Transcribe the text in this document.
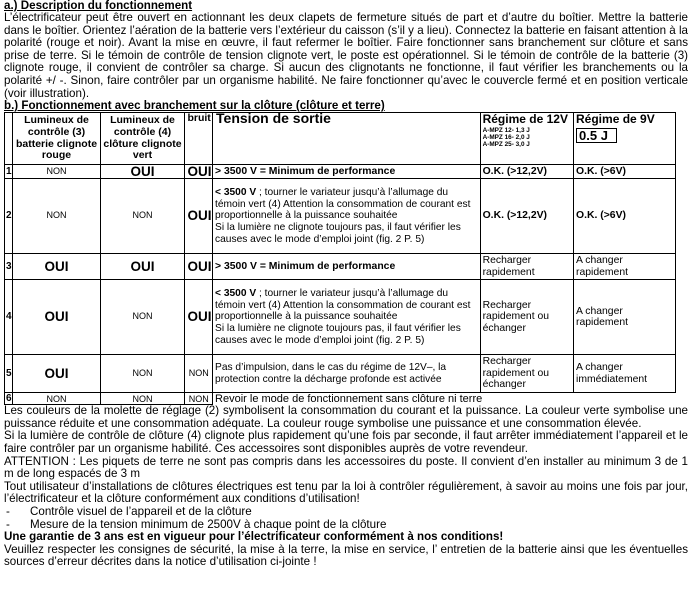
a.) Description du fonctionnement

L’électrificateur peut être ouvert en actionnant les deux clapets de fermeture situés de part et d’autre du boîtier. Mettre la batterie dans le boîtier. Orientez l’aération de la batterie vers l’extérieur du caisson (s’il y a lieu). Connectez la batterie en faisant attention à la polarité (rouge et noir). Avant la mise en œuvre, il faut refermer le boîtier. Faire fonctionner sans branchement sur clôture et sans prise de terre. Si le témoin de contrôle de tension clignote vert, le poste est opérationnel. Si le témoin de contrôle de la batterie (3) clignote rouge, il convient de contrôler sa charge. Si aucun des clignotants ne fonctionne, il faut vérifier les branchements ou la polarité +/ -. Sinon, faire contrôler par un organisme habilité. Ne faire fonctionner qu’avec le couvercle fermé et en position verticale (voir illustration).

b.) Fonctionnement avec branchement sur la clôture (clôture et terre)
	Lumineux de contrôle (3) batterie clignote rouge	Lumineux de contrôle (4) clôture clignote vert	bruit	Tension de sortie	Régime de 12V
A-MPZ 12- 1,3 J
A-MPZ 16- 2,0 J
A-MPZ 25- 3,0 J	Régime de 9V
0.5 J
1	NON	OUI	OUI	> 3500 V = Minimum de performance	O.K. (>12,2V)	O.K. (>6V)
2	NON	NON	OUI	< 3500 V ; tourner le variateur jusqu’à l’allumage du témoin vert (4) Attention la consommation de courant est proportionnelle à la puissance souhaitée
Si la lumière ne clignote toujours pas, il faut vérifier les causes avec le mode d’emploi joint (fig. 2 P. 5)	O.K. (>12,2V)	O.K. (>6V)
3	OUI	OUI	OUI	> 3500 V = Minimum de performance	Recharger rapidement	A changer rapidement
4	OUI	NON	OUI	< 3500 V ; tourner le variateur jusqu’à l’allumage du témoin vert (4) Attention la consommation de courant est proportionnelle à la puissance souhaitée
Si la lumière ne clignote toujours pas, il faut vérifier les causes avec le mode d’emploi joint (fig. 2 P. 5)	Recharger rapidement ou échanger	A changer rapidement
5	OUI	NON	NON	Pas d’impulsion, dans le cas du régime de 12V–, la protection contre la décharge profonde est activée	Recharger rapidement ou échanger	A changer immédiatement
6	NON	NON	NON	Revoir le mode de fonctionnement sans clôture ni terre		

Les couleurs de la molette de réglage (2) symbolisent la consommation du courant et la puissance. La couleur verte symbolise une puissance réduite et une consommation adéquate. La couleur rouge symbolise une puissance et une consommation élevée.

Si la lumière de contrôle de clôture (4) clignote plus rapidement qu’une fois par seconde, il faut arrêter immédiatement l’appareil et le faire contrôler par un organisme habilité. Ces accessoires sont disponibles auprès de votre revendeur.

ATTENTION : Les piquets de terre ne sont pas compris dans les accessoires du poste. Il convient d’en installer au minimum 3 de 1 m de long espacés de 3 m

Tout utilisateur d’installations de clôtures électriques est tenu par la loi à contrôler régulièrement, à savoir au moins une fois par jour, l’électrificateur et la clôture conformément aux conditions d’utilisation!

- Contrôle visuel de l’appareil et de la clôture
- Mesure de la tension minimum de 2500V à chaque point de la clôture

Une garantie de 3 ans est en vigueur pour l’électrificateur conformément à nos conditions!

Veuillez respecter les consignes de sécurité, la mise à la terre, la mise en service, l’ entretien de la batterie ainsi que les éventuelles sources d’erreur décrites dans la notice d’utilisation ci-jointe !
